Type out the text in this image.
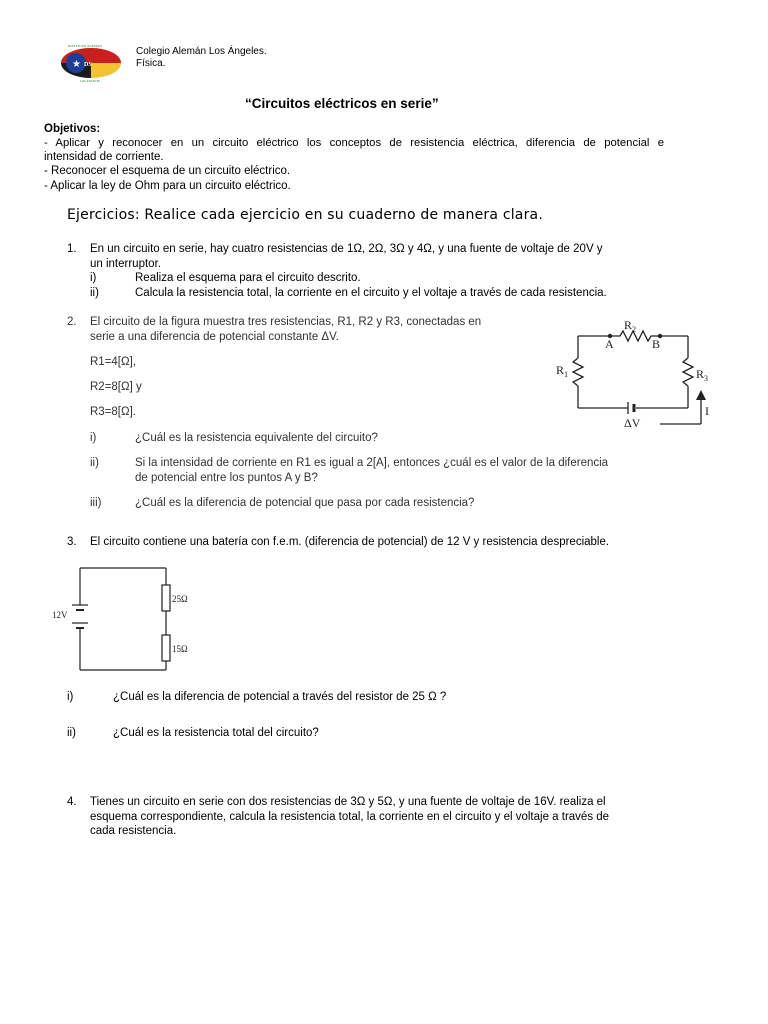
★ DS
INSTITUTO ALEMÁN
LOS ÁNGELES
Colegio Alemán Los Ángeles.
Física.
“Circuitos eléctricos en serie”
Objetivos:
- Aplicar y reconocer en un circuito eléctrico los conceptos de resistencia eléctrica, diferencia de potencial e
intensidad de corriente.
- Reconocer el esquema de un circuito eléctrico.
- Aplicar la ley de Ohm para un circuito eléctrico.
Ejercicios: Realice cada ejercicio en su cuaderno de manera clara.
1. En un circuito en serie, hay cuatro resistencias de 1Ω, 2Ω, 3Ω y 4Ω, y una fuente de voltaje de 20V y
un interruptor.
i)	Realiza el esquema para el circuito descrito.
ii)	Calcula la resistencia total, la corriente en el circuito y el voltaje a través de cada resistencia.
2. El circuito de la figura muestra tres resistencias, R1, R2 y R3, conectadas en
serie a una diferencia de potencial constante ΔV.
R1=4[Ω],
R2=8[Ω] y
R3=8[Ω].
i)	¿Cuál es la resistencia equivalente del circuito?
ii)	Si la intensidad de corriente en R1 es igual a 2[A], entonces ¿cuál es el valor de la diferencia
de potencial entre los puntos A y B?
iii)	¿Cuál es la diferencia de potencial que pasa por cada resistencia?
$R_2$
A	B
$R_1$	$R_3$
ΔV
I
3. El circuito contiene una batería con f.e.m. (diferencia de potencial) de 12 V y resistencia despreciable.
12V
25Ω
15Ω
i)	¿Cuál es la diferencia de potencial a través del resistor de 25 Ω ?
ii)	¿Cuál es la resistencia total del circuito?
4. Tienes un circuito en serie con dos resistencias de 3Ω y 5Ω, y una fuente de voltaje de 16V. realiza el
esquema correspondiente, calcula la resistencia total, la corriente en el circuito y el voltaje a través de
cada resistencia.
